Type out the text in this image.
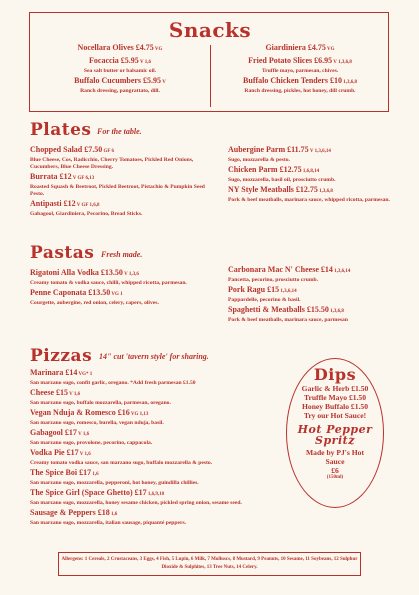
Snacks
Nocellara Olives £4.75 VG
Focaccia £5.95 V 1,6
Sea salt butter or balsamic oil.
Buffalo Cucumbers £5.95 V
Ranch dressing, pangrattato, dill.
Giardiniera £4.75 VG
Fried Potato Slices £6.95 V 1,3,6,8
Truffle mayo, parmesan, chives.
Buffalo Chicken Tenders £10 1,3,6,8
Ranch dressing, pickles, hot honey, dill crumb.
Plates For the table.
Chopped Salad £7.50 GF 6
Blue Cheese, Cos, Radicchio, Cherry Tomatoes, Pickled Red Onions, Cucumbers, Blue Cheese Dressing.
Burrata £12 V GF 6,13
Roasted Squash & Beetroot, Pickled Beetroot, Pistachio & Pumpkin Seed Pesto.
Antipasti £12 V GF 1,6,8
Gabagool, Giardiniera, Pecorino, Bread Sticks.
Aubergine Parm £11.75 V 1,3,6,14
Sugo, mozzarella & pesto.
Chicken Parm £12.75 1,6,8,14
Sugo, mozzarella, basil oil, prosciutto crumb.
NY Style Meatballs £12.75 1,3,6,8
Pork & beef meatballs, marinara sauce, whipped ricotta, parmesan.
Pastas Fresh made.
Rigatoni Alla Vodka £13.50 V 1,3,6
Creamy tomato & vodka sauce, chilli, whipped ricotta, parmesan.
Penne Caponata £13.50 VG 1
Courgette, aubergine, red onion, celery, capers, olives.
Carbonara Mac N' Cheese £14 1,3,6,14
Pancetta, pecorino, prosciutto crumb.
Pork Ragu £15 1,3,6,14
Pappardelle, pecorino & basil.
Spaghetti & Meatballs £15.50 1,3,6,8
Pork & beef meatballs, marinara sauce, parmesan
Pizzas 14" cut 'tavern style' for sharing.
Marinara £14 VG* 1
San marzano sugo, confit garlic, oregano. *Add fresh parmesan £1.50
Cheese £15 V 1,6
San marzano sugo, buffalo mozzarella, parmesan, oregano.
Vegan Nduja & Romesco £16 VG 1,13
San marzano sugo, romesco, burella, vegan nduja, basil.
Gabagool £17 V 1,6
San marzano sugo, provolone, pecorino, cappacola.
Vodka Pie £17 V 1,6
Creamy tomato vodka sauce, san marzano sugo, buffalo mozzarella & pesto.
The Spice Boi £17 1,6
San marzano sugo, mozzarella, pepperoni, hot honey, guindilla chillies.
The Spice Girl (Space Ghetto) £17 1,6,9,10
San marzano sugo, mozzarella, honey sesame chicken, pickled spring onion, sesame seed.
Sausage & Peppers £18 1,6
San marzano sugo, mozzarella, italian sausage, piquanté peppers.
Dips
Garlic & Herb £1.50
Truffle Mayo £1.50
Honey Buffalo £1.50
Try our Hot Sauce!
Hot Pepper Spritz
Made by PJ's Hot Sauce
£6
(150ml)
Allergens: 1 Cereals, 2 Crustaceans, 3 Eggs, 4 Fish, 5 Lupin, 6 Milk, 7 Molluscs, 8 Mustard, 9 Peanuts, 10 Sesame, 11 Soybeans, 12 Sulphur Dioxide & Sulphites, 13 Tree Nuts, 14 Celery.
